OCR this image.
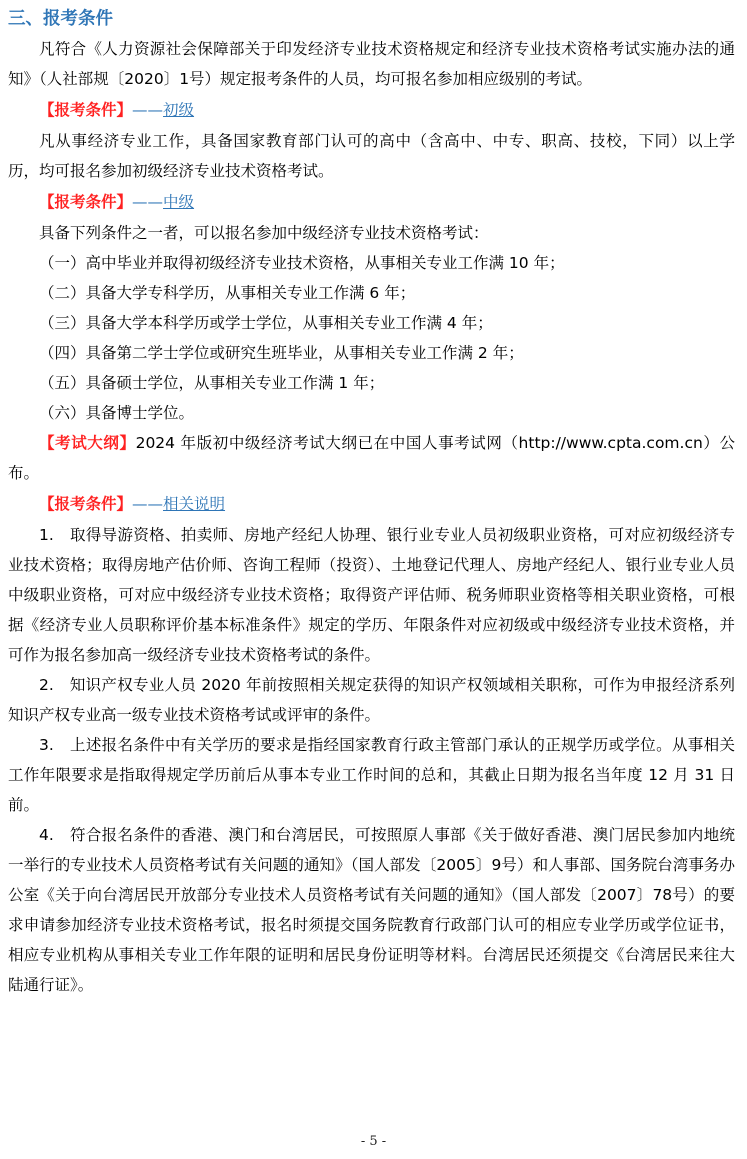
三、报考条件

凡符合《人力资源社会保障部关于印发经济专业技术资格规定和经济专业技术资格考试实施办法的通知》（人社部规〔2020〕1号）规定报考条件的人员，均可报名参加相应级别的考试。

【报考条件】——初级

凡从事经济专业工作，具备国家教育部门认可的高中（含高中、中专、职高、技校，下同）以上学历，均可报名参加初级经济专业技术资格考试。

【报考条件】——中级

具备下列条件之一者，可以报名参加中级经济专业技术资格考试：

（一）高中毕业并取得初级经济专业技术资格，从事相关专业工作满 10 年；
（二）具备大学专科学历，从事相关专业工作满 6 年；
（三）具备大学本科学历或学士学位，从事相关专业工作满 4 年；
（四）具备第二学士学位或研究生班毕业，从事相关专业工作满 2 年；
（五）具备硕士学位，从事相关专业工作满 1 年；
（六）具备博士学位。

【考试大纲】2024 年版初中级经济考试大纲已在中国人事考试网（http://www.cpta.com.cn）公布。

【报考条件】——相关说明

1.　取得导游资格、拍卖师、房地产经纪人协理、银行业专业人员初级职业资格，可对应初级经济专业技术资格；取得房地产估价师、咨询工程师（投资）、土地登记代理人、房地产经纪人、银行业专业人员中级职业资格，可对应中级经济专业技术资格；取得资产评估师、税务师职业资格等相关职业资格，可根据《经济专业人员职称评价基本标准条件》规定的学历、年限条件对应初级或中级经济专业技术资格，并可作为报名参加高一级经济专业技术资格考试的条件。

2.　知识产权专业人员 2020 年前按照相关规定获得的知识产权领域相关职称，可作为申报经济系列知识产权专业高一级专业技术资格考试或评审的条件。

3.　上述报名条件中有关学历的要求是指经国家教育行政主管部门承认的正规学历或学位。从事相关工作年限要求是指取得规定学历前后从事本专业工作时间的总和，其截止日期为报名当年度 12 月 31 日前。

4.　符合报名条件的香港、澳门和台湾居民，可按照原人事部《关于做好香港、澳门居民参加内地统一举行的专业技术人员资格考试有关问题的通知》（国人部发〔2005〕9号）和人事部、国务院台湾事务办公室《关于向台湾居民开放部分专业技术人员资格考试有关问题的通知》（国人部发〔2007〕78号）的要求申请参加经济专业技术资格考试，报名时须提交国务院教育行政部门认可的相应专业学历或学位证书，相应专业机构从事相关专业工作年限的证明和居民身份证明等材料。台湾居民还须提交《台湾居民来往大陆通行证》。

- 5 -
